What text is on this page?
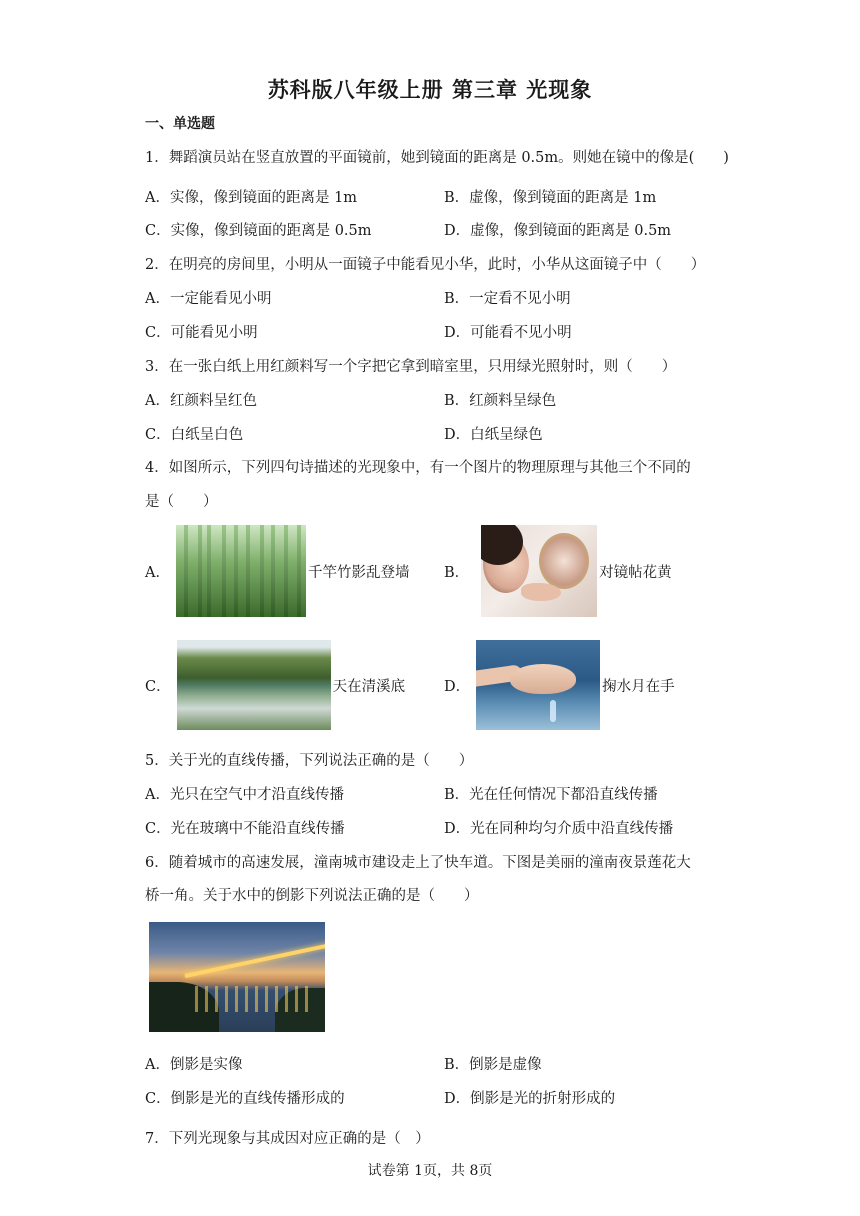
苏科版八年级上册 第三章 光现象
一、单选题
1．舞蹈演员站在竖直放置的平面镜前，她到镜面的距离是 0.5m。则她在镜中的像是(　　)
A．实像，像到镜面的距离是 1m	B．虚像，像到镜面的距离是 1m
C．实像，像到镜面的距离是 0.5m	D．虚像，像到镜面的距离是 0.5m
2．在明亮的房间里，小明从一面镜子中能看见小华，此时，小华从这面镜子中（　　）
A．一定能看见小明	B．一定看不见小明
C．可能看见小明	D．可能看不见小明
3．在一张白纸上用红颜料写一个字把它拿到暗室里，只用绿光照射时，则（　　）
A．红颜料呈红色	B．红颜料呈绿色
C．白纸呈白色	D．白纸呈绿色
4．如图所示，下列四句诗描述的光现象中，有一个图片的物理原理与其他三个不同的
是（　　）
A．	千竿竹影乱登墙 B．	对镜帖花黄
C．	天在清溪底	D．	掬水月在手
5．关于光的直线传播，下列说法正确的是（　　）
A．光只在空气中才沿直线传播	B．光在任何情况下都沿直线传播
C．光在玻璃中不能沿直线传播	D．光在同种均匀介质中沿直线传播
6．随着城市的高速发展，潼南城市建设走上了快车道。下图是美丽的潼南夜景莲花大
桥一角。关于水中的倒影下列说法正确的是（　　）
A．倒影是实像	B．倒影是虚像
C．倒影是光的直线传播形成的	D．倒影是光的折射形成的
7．下列光现象与其成因对应正确的是（　）
试卷第 1页，共 8页
